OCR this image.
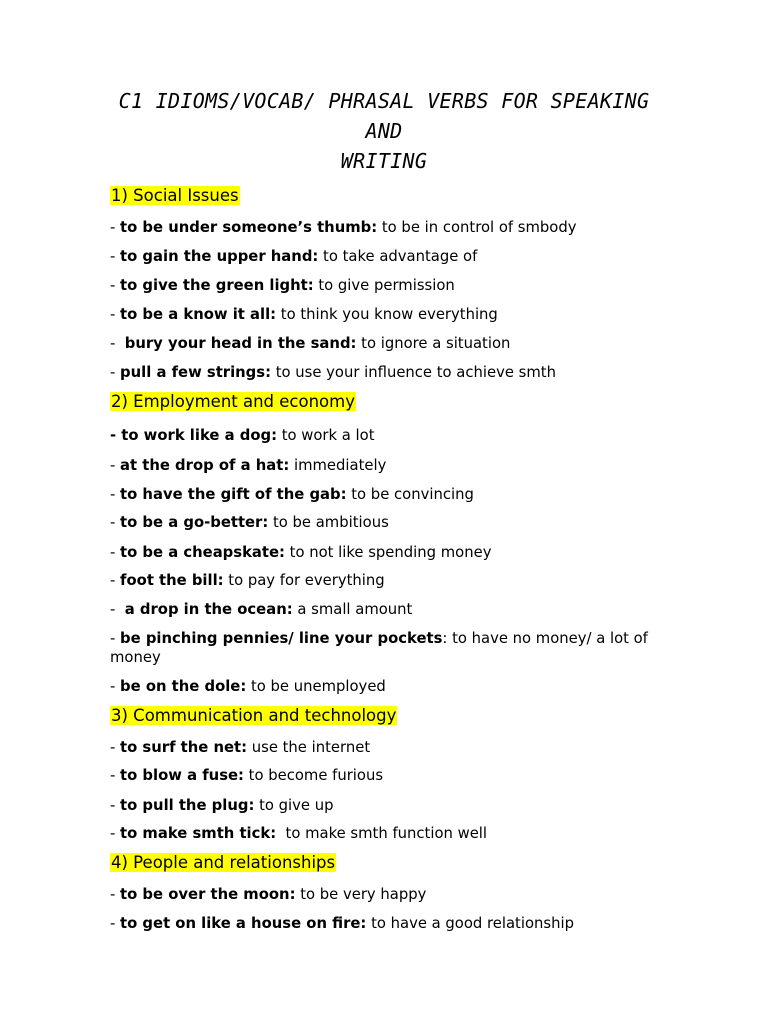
C1 IDIOMS/VOCAB/ PHRASAL VERBS FOR SPEAKING AND
WRITING
1) Social Issues
- to be under someone’s thumb: to be in control of smbody
- to gain the upper hand: to take advantage of
- to give the green light: to give permission
- to be a know it all: to think you know everything
-  bury your head in the sand: to ignore a situation
- pull a few strings: to use your influence to achieve smth
2) Employment and economy
- to work like a dog: to work a lot
- at the drop of a hat: immediately
- to have the gift of the gab: to be convincing
- to be a go-better: to be ambitious
- to be a cheapskate: to not like spending money
- foot the bill: to pay for everything
-  a drop in the ocean: a small amount
- be pinching pennies/ line your pockets: to have no money/ a lot of money
- be on the dole: to be unemployed
3) Communication and technology
- to surf the net: use the internet
- to blow a fuse: to become furious
- to pull the plug: to give up
- to make smth tick:  to make smth function well
4) People and relationships
- to be over the moon: to be very happy
- to get on like a house on fire: to have a good relationship
